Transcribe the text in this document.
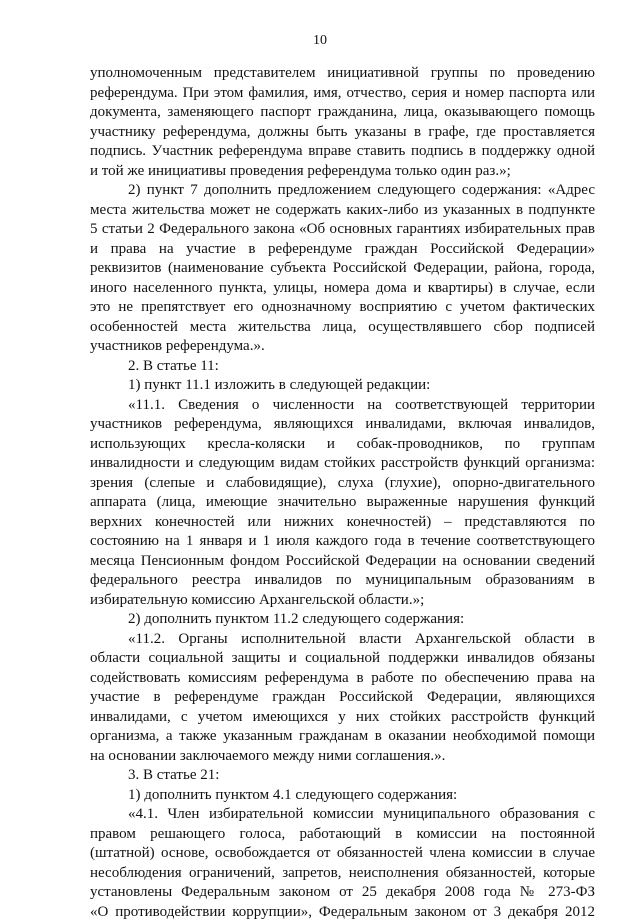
10
уполномоченным представителем инициативной группы по проведению
референдума. При этом фамилия, имя, отчество, серия и номер паспорта или
документа, заменяющего паспорт гражданина, лица, оказывающего помощь
участнику референдума, должны быть указаны в графе, где проставляется
подпись. Участник референдума вправе ставить подпись в поддержку одной
и той же инициативы проведения референдума только один раз.»;
2) пункт 7 дополнить предложением следующего содержания: «Адрес
места жительства может не содержать каких-либо из указанных в подпункте
5 статьи 2 Федерального закона «Об основных гарантиях избирательных прав
и права на участие в референдуме граждан Российской Федерации»
реквизитов (наименование субъекта Российской Федерации, района, города,
иного населенного пункта, улицы, номера дома и квартиры) в случае, если
это не препятствует его однозначному восприятию с учетом фактических
особенностей места жительства лица, осуществлявшего сбор подписей
участников референдума.».
2. В статье 11:
1) пункт 11.1 изложить в следующей редакции:
«11.1. Сведения о численности на соответствующей территории
участников референдума, являющихся инвалидами, включая инвалидов,
использующих кресла-коляски и собак-проводников, по группам
инвалидности и следующим видам стойких расстройств функций организма:
зрения (слепые и слабовидящие), слуха (глухие), опорно-двигательного
аппарата (лица, имеющие значительно выраженные нарушения функций
верхних конечностей или нижних конечностей) – представляются по
состоянию на 1 января и 1 июля каждого года в течение соответствующего
месяца Пенсионным фондом Российской Федерации на основании сведений
федерального реестра инвалидов по муниципальным образованиям в
избирательную комиссию Архангельской области.»;
2) дополнить пунктом 11.2 следующего содержания:
«11.2. Органы исполнительной власти Архангельской области в
области социальной защиты и социальной поддержки инвалидов обязаны
содействовать комиссиям референдума в работе по обеспечению права на
участие в референдуме граждан Российской Федерации, являющихся
инвалидами, с учетом имеющихся у них стойких расстройств функций
организма, а также указанным гражданам в оказании необходимой помощи
на основании заключаемого между ними соглашения.».
3. В статье 21:
1) дополнить пунктом 4.1 следующего содержания:
«4.1. Член избирательной комиссии муниципального образования с
правом решающего голоса, работающий в комиссии на постоянной
(штатной) основе, освобождается от обязанностей члена комиссии в случае
несоблюдения ограничений, запретов, неисполнения обязанностей, которые
установлены Федеральным законом от 25 декабря 2008 года № 273-ФЗ
«О противодействии коррупции», Федеральным законом от 3 декабря 2012
